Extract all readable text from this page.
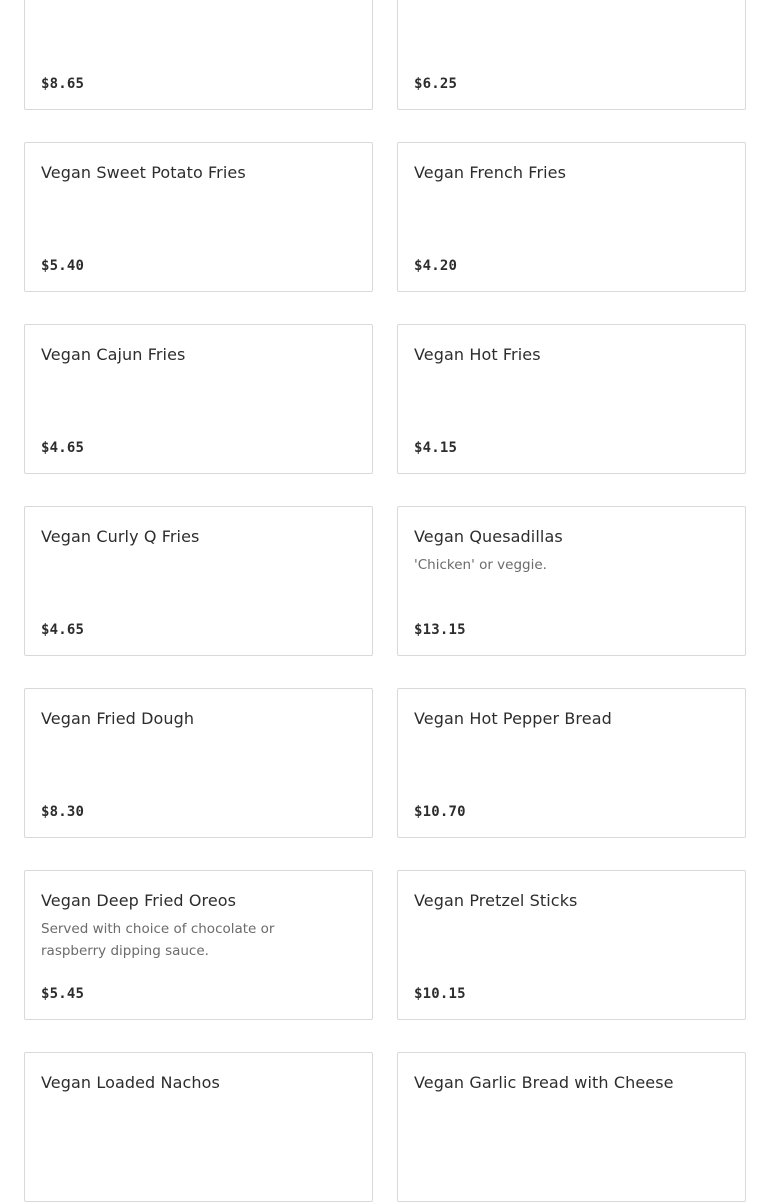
$8.65	$6.25
Vegan Sweet Potato Fries
$5.40
Vegan French Fries
$4.20
Vegan Cajun Fries
$4.65
Vegan Hot Fries
$4.15
Vegan Curly Q Fries
$4.65
Vegan Quesadillas
'Chicken' or veggie.
$13.15
Vegan Fried Dough
$8.30
Vegan Hot Pepper Bread
$10.70
Vegan Deep Fried Oreos
Served with choice of chocolate or raspberry dipping sauce.
$5.45
Vegan Pretzel Sticks
$10.15
Vegan Loaded Nachos	Vegan Garlic Bread with Cheese
